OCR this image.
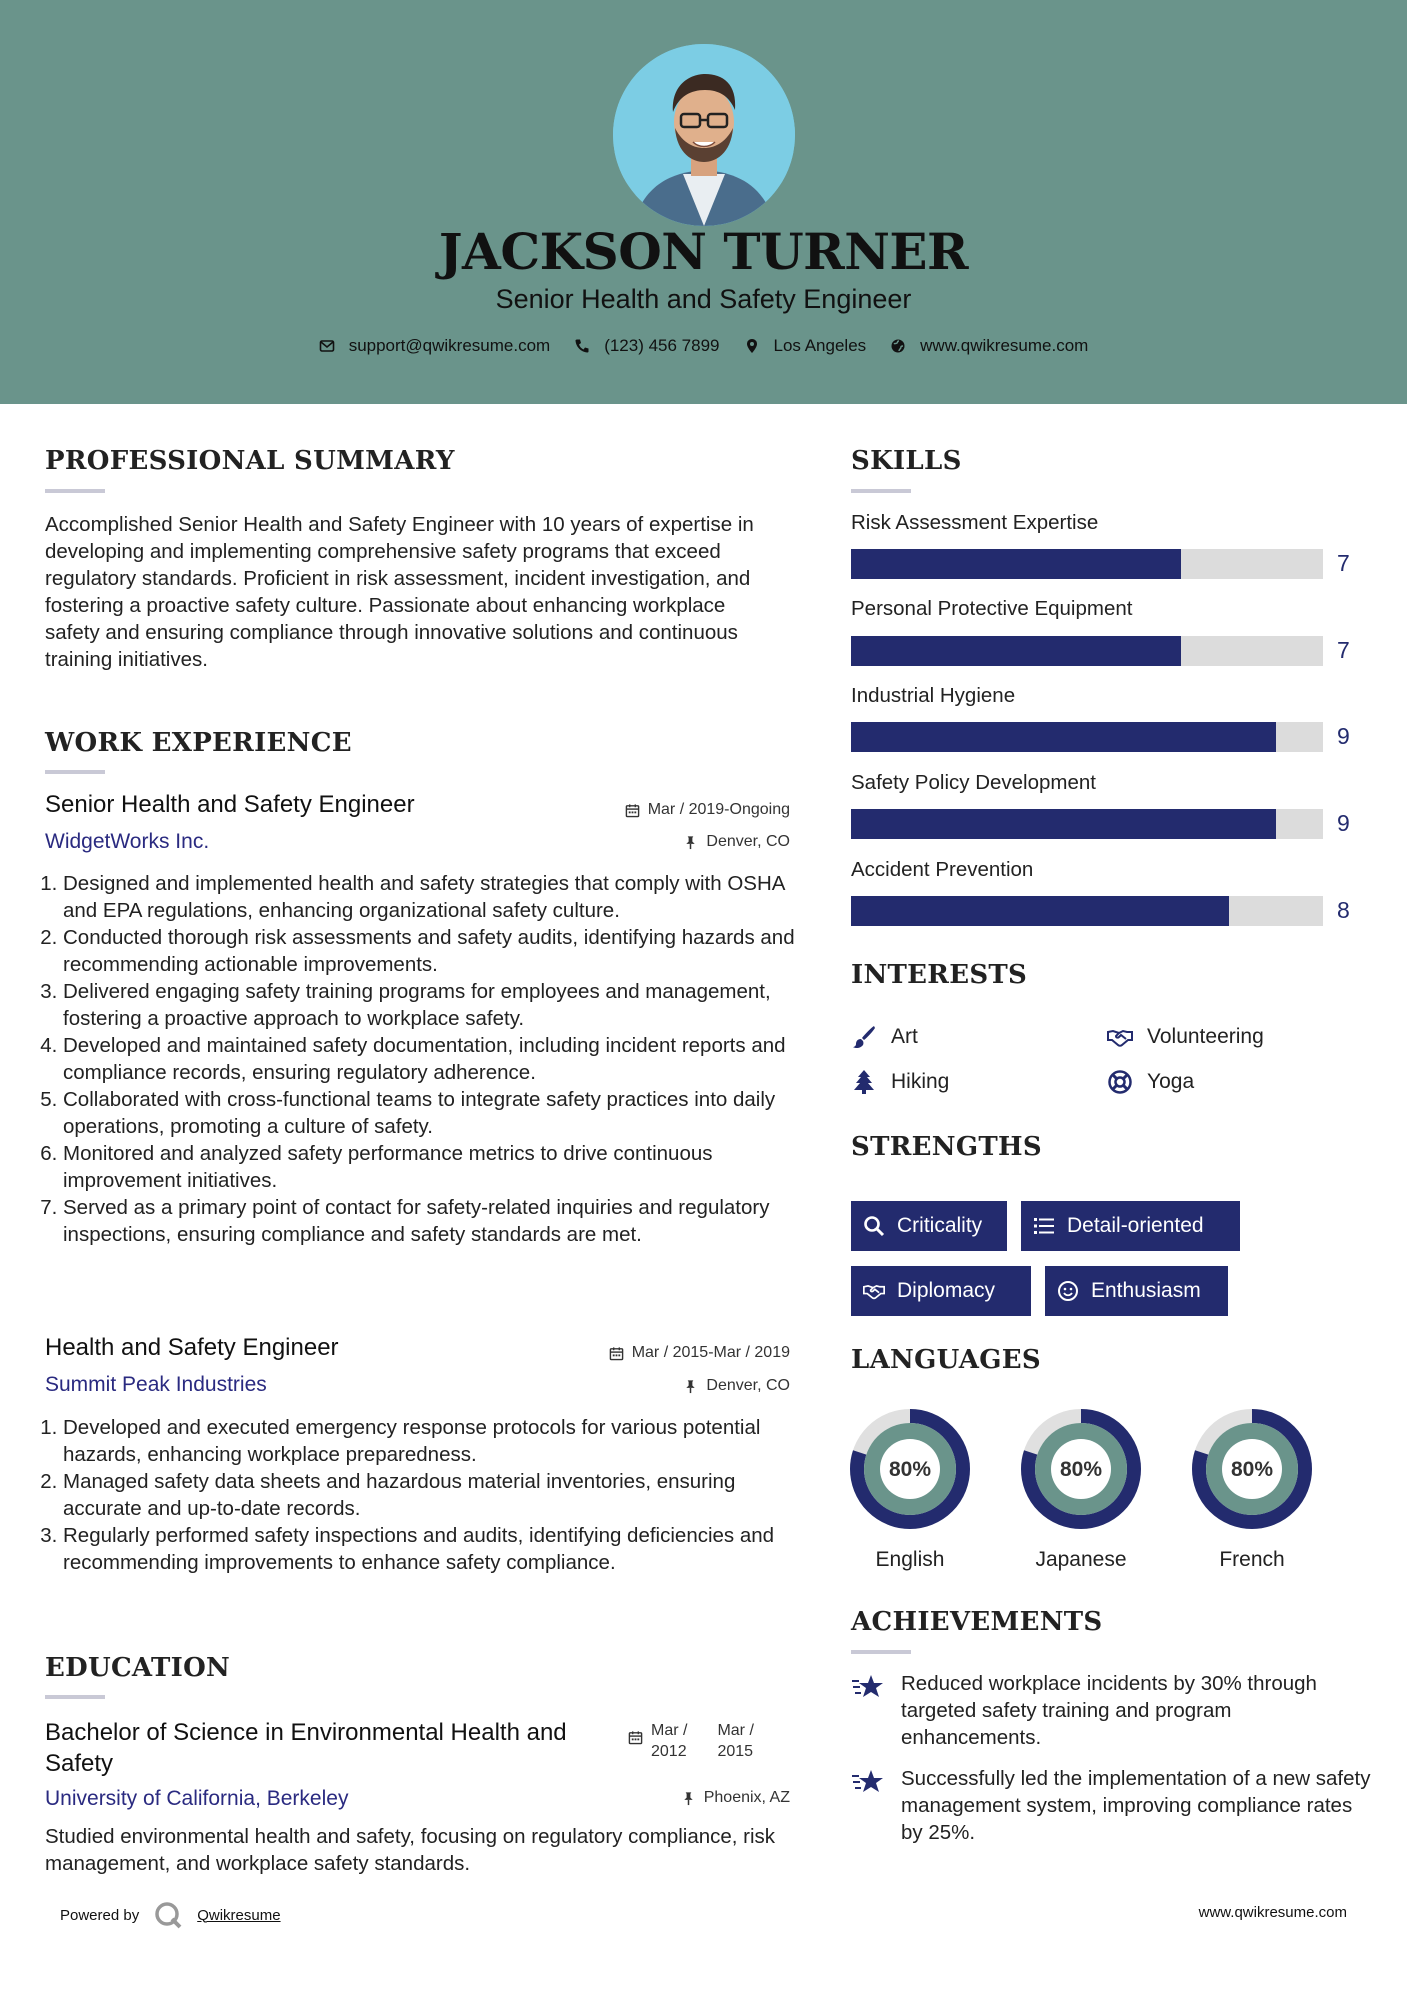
JACKSON TURNER
Senior Health and Safety Engineer
support@qwikresume.com	(123) 456 7899	Los Angeles	www.qwikresume.com
PROFESSIONAL SUMMARY
Accomplished Senior Health and Safety Engineer with 10 years of expertise in developing and implementing comprehensive safety programs that exceed regulatory standards. Proficient in risk assessment, incident investigation, and fostering a proactive safety culture. Passionate about enhancing workplace safety and ensuring compliance through innovative solutions and continuous training initiatives.
WORK EXPERIENCE
Senior Health and Safety Engineer	Mar / 2019-Ongoing
WidgetWorks Inc.	Denver, CO
1. Designed and implemented health and safety strategies that comply with OSHA and EPA regulations, enhancing organizational safety culture.
2. Conducted thorough risk assessments and safety audits, identifying hazards and recommending actionable improvements.
3. Delivered engaging safety training programs for employees and management, fostering a proactive approach to workplace safety.
4. Developed and maintained safety documentation, including incident reports and compliance records, ensuring regulatory adherence.
5. Collaborated with cross-functional teams to integrate safety practices into daily operations, promoting a culture of safety.
6. Monitored and analyzed safety performance metrics to drive continuous improvement initiatives.
7. Served as a primary point of contact for safety-related inquiries and regulatory inspections, ensuring compliance and safety standards are met.
Health and Safety Engineer	Mar / 2015-Mar / 2019
Summit Peak Industries	Denver, CO
1. Developed and executed emergency response protocols for various potential hazards, enhancing workplace preparedness.
2. Managed safety data sheets and hazardous material inventories, ensuring accurate and up-to-date records.
3. Regularly performed safety inspections and audits, identifying deficiencies and recommending improvements to enhance safety compliance.
EDUCATION
Bachelor of Science in Environmental Health and Safety
Mar /
2012
Mar /
2015
University of California, Berkeley	Phoenix, AZ
Studied environmental health and safety, focusing on regulatory compliance, risk management, and workplace safety standards.
SKILLS
Risk Assessment Expertise
7
Personal Protective Equipment
7
Industrial Hygiene
9
Safety Policy Development
9
Accident Prevention
8
INTERESTS
Art	Volunteering
Hiking	Yoga
STRENGTHS
Criticality	Detail-oriented
Diplomacy	Enthusiasm
LANGUAGES
80%
English
80%
Japanese
80%
French
ACHIEVEMENTS
Reduced workplace incidents by 30% through targeted safety training and program enhancements.
Successfully led the implementation of a new safety management system, improving compliance rates by 25%.
Powered by	Qwikresume	www.qwikresume.com
